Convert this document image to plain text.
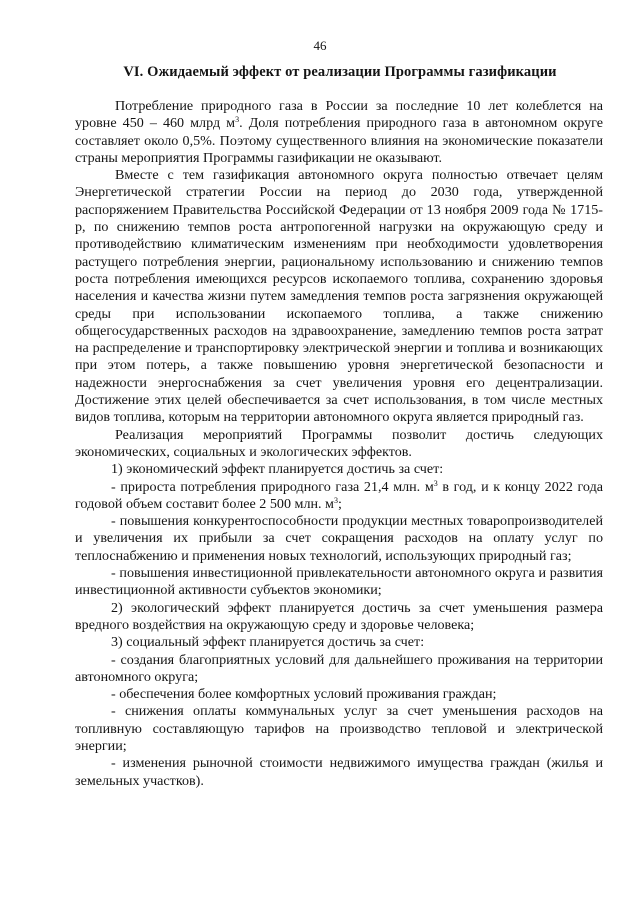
46
VI. Ожидаемый эффект от реализации Программы газификации

Потребление природного газа в России за последние 10 лет колеблется на уровне 450 – 460 млрд $м^3$. Доля потребления природного газа в автономном округе составляет около 0,5%. Поэтому существенного влияния на экономические показатели страны мероприятия Программы газификации не оказывают.

Вместе с тем газификация автономного округа полностью отвечает целям Энергетической стратегии России на период до 2030 года, утвержденной распоряжением Правительства Российской Федерации от 13 ноября 2009 года № 1715-р, по снижению темпов роста антропогенной нагрузки на окружающую среду и противодействию климатическим изменениям при необходимости удовлетворения растущего потребления энергии, рациональному использованию и снижению темпов роста потребления имеющихся ресурсов ископаемого топлива, сохранению здоровья населения и качества жизни путем замедления темпов роста загрязнения окружающей среды при использовании ископаемого топлива, а также снижению общегосударственных расходов на здравоохранение, замедлению темпов роста затрат на распределение и транспортировку электрической энергии и топлива и возникающих при этом потерь, а также повышению уровня энергетической безопасности и надежности энергоснабжения за счет увеличения уровня его децентрализации. Достижение этих целей обеспечивается за счет использования, в том числе местных видов топлива, которым на территории автономного округа является природный газ.

Реализация мероприятий Программы позволит достичь следующих экономических, социальных и экологических эффектов.

1) экономический эффект планируется достичь за счет:

- прироста потребления природного газа 21,4 млн. $м^3$ в год, и к концу 2022 года годовой объем составит более 2 500 млн. $м^3$;

- повышения конкурентоспособности продукции местных товаропроизводителей и увеличения их прибыли за счет сокращения расходов на оплату услуг по теплоснабжению и применения новых технологий, использующих природный газ;

- повышения инвестиционной привлекательности автономного округа и развития инвестиционной активности субъектов экономики;

2) экологический эффект планируется достичь за счет уменьшения размера вредного воздействия на окружающую среду и здоровье человека;

3) социальный эффект планируется достичь за счет:

- создания благоприятных условий для дальнейшего проживания на территории автономного округа;

- обеспечения более комфортных условий проживания граждан;

- снижения оплаты коммунальных услуг за счет уменьшения расходов на топливную составляющую тарифов на производство тепловой и электрической энергии;

- изменения рыночной стоимости недвижимого имущества граждан (жилья и земельных участков).
